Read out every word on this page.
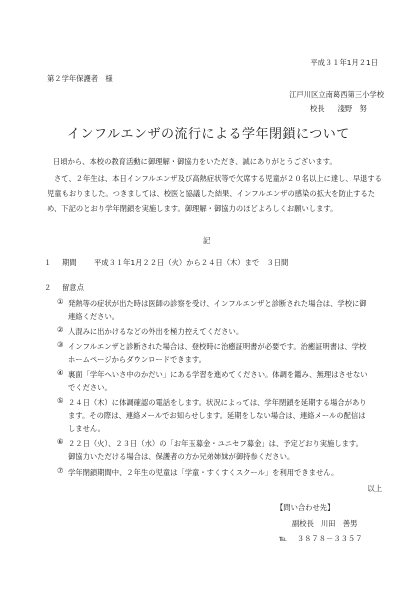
平成３１年1月２1日
第２学年保護者　様
江戸川区立南葛西第三小学校
校長 淺野　努
インフルエンザの流行による学年閉鎖について
日頃から、本校の教育活動に御理解・御協力をいただき、誠にありがとうございます。
さて、２年生は、本日インフルエンザ及び高熱症状等で欠席する児童が２０名以上に達し、早退する児童もおりました。つきましては、校医と協議した結果、インフルエンザの感染の拡大を防止するため、下記のとおり学年閉鎖を実施します。御理解・御協力のほどよろしくお願いします。
記
１ 期間 平成３１年1月２２日（火）から２４日（木）まで　３日間
２ 留意点
① 発熱等の症状が出た時は医師の診察を受け、インフルエンザと診断された場合は、学校に御連絡ください。
② 人混みに出かけるなどの外出を極力控えてください。
③ インフルエンザと診断された場合は、登校時に治癒証明書が必要です。治癒証明書は、学校ホームページからダウンロードできます。
④ 裏面「学年へいさ中のかだい」にある学習を進めてください。体調を鑑み、無理はさせないでください。
⑤ ２４日（木）に体調確認の電話をします。状況によっては、学年閉鎖を延期する場合があります。その際は、連絡メールでお知らせします。延期をしない場合は、連絡メールの配信はしません。
⑥ ２２日（火）、２３日（水）の「お年玉募金・ユニセフ募金」は、予定どおり実施します。御協力いただける場合は、保護者の方か兄弟姉妹が御持参ください。
⑦ 学年閉鎖期間中、２年生の児童は「学童・すくすくスクール」を利用できません。
以上
【問い合わせ先】
副校長 川田　善男
℡ ３８７８－３３５７
